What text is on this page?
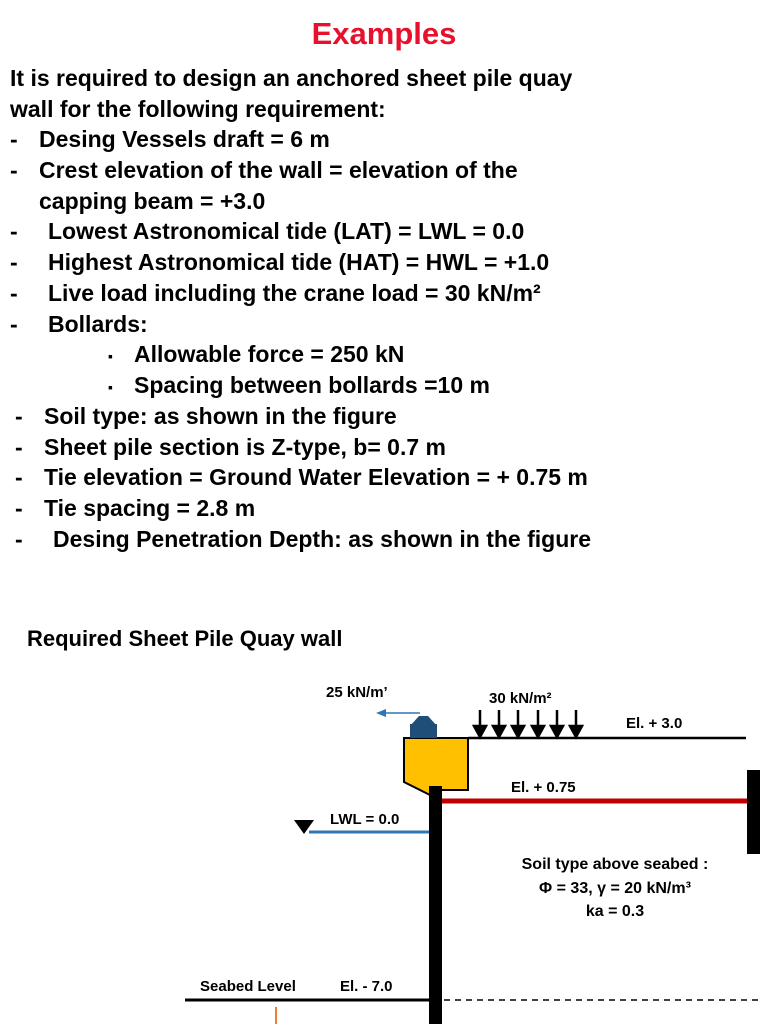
Examples
It is required to design an anchored sheet pile quay
wall for the following requirement:
- Desing Vessels draft = 6 m
- Crest elevation of the wall = elevation of the
capping beam = +3.0
- Lowest Astronomical tide (LAT) = LWL = 0.0
- Highest Astronomical tide (HAT) = HWL = +1.0
- Live load including the crane load = 30 kN/m²
- Bollards:
▪ Allowable force = 250 kN
▪ Spacing between bollards =10 m
- Soil type: as shown in the figure
- Sheet pile section is Z-type, b= 0.7 m
- Tie elevation = Ground Water Elevation = + 0.75 m
- Tie spacing = 2.8 m
- Desing Penetration Depth: as shown in the figure
Required Sheet Pile Quay wall
25 kN/m’	30 kN/m²
El. + 3.0
El. + 0.75
LWL = 0.0
Soil type above seabed :
Φ = 33, γ = 20 kN/m³
ka = 0.3
Seabed Level	El. - 7.0
